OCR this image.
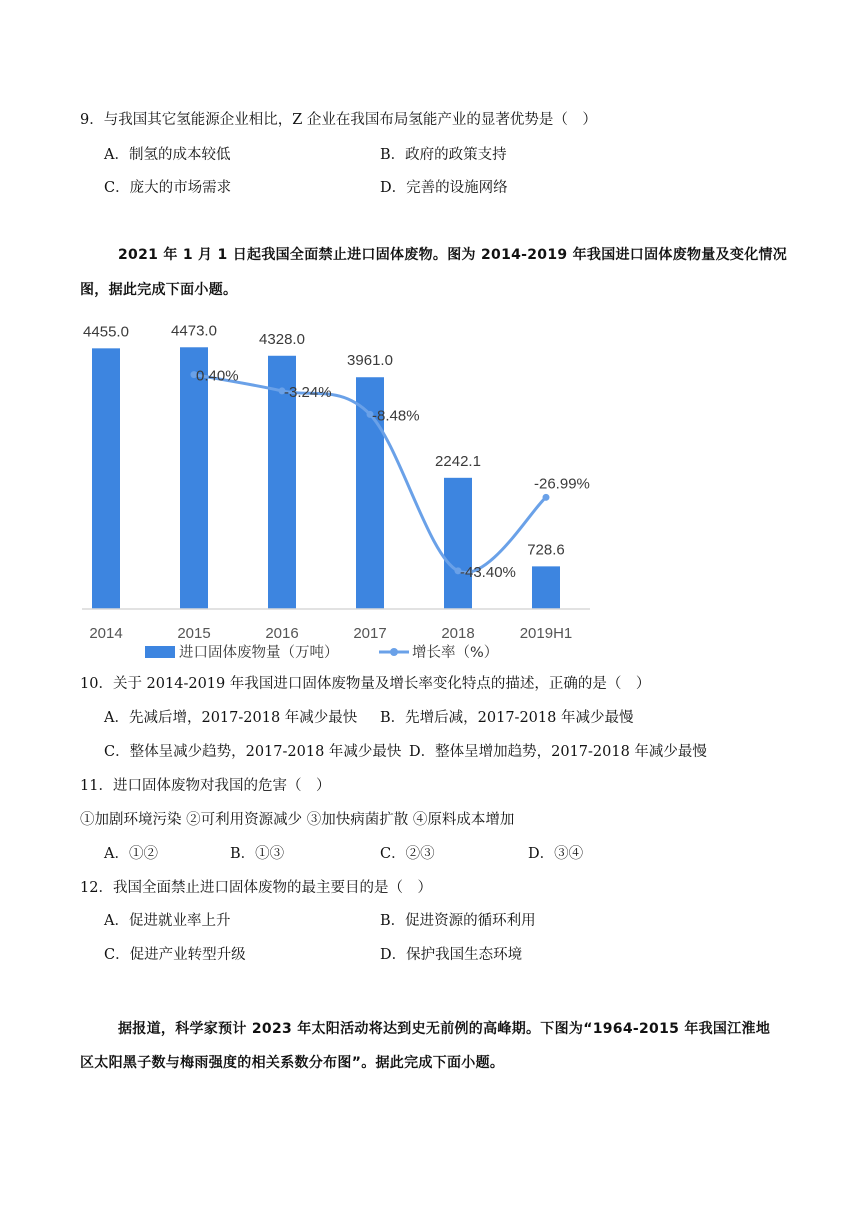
9．与我国其它氢能源企业相比，Z 企业在我国布局氢能产业的显著优势是（　）
A．制氢的成本较低	B．政府的政策支持
C．庞大的市场需求	D．完善的设施网络
2021 年 1 月 1 日起我国全面禁止进口固体废物。图为 2014-2019 年我国进口固体废物量及变化情况
图，据此完成下面小题。
4455.0	4473.0	4328.0
3961.0
2242.1
728.6
0.40%
-3.24%
-8.48%
-43.40%
-26.99%
2014	2015	2016	2017	2018	2019H1
进口固体废物量（万吨）	增长率（%）
10．关于 2014-2019 年我国进口固体废物量及增长率变化特点的描述，正确的是（　）
A．先减后增，2017-2018 年减少最快 B．先增后减，2017-2018 年减少最慢
C．整体呈减少趋势，2017-2018 年减少最快 D．整体呈增加趋势，2017-2018 年减少最慢
11．进口固体废物对我国的危害（　）
①加剧环境污染 ②可利用资源减少 ③加快病菌扩散 ④原料成本增加
A．①②	B．①③	C．②③	D．③④
12．我国全面禁止进口固体废物的最主要目的是（　）
A．促进就业率上升	B．促进资源的循环利用
C．促进产业转型升级	D．保护我国生态环境
据报道，科学家预计 2023 年太阳活动将达到史无前例的高峰期。下图为“1964-2015 年我国江淮地
区太阳黑子数与梅雨强度的相关系数分布图”。据此完成下面小题。
